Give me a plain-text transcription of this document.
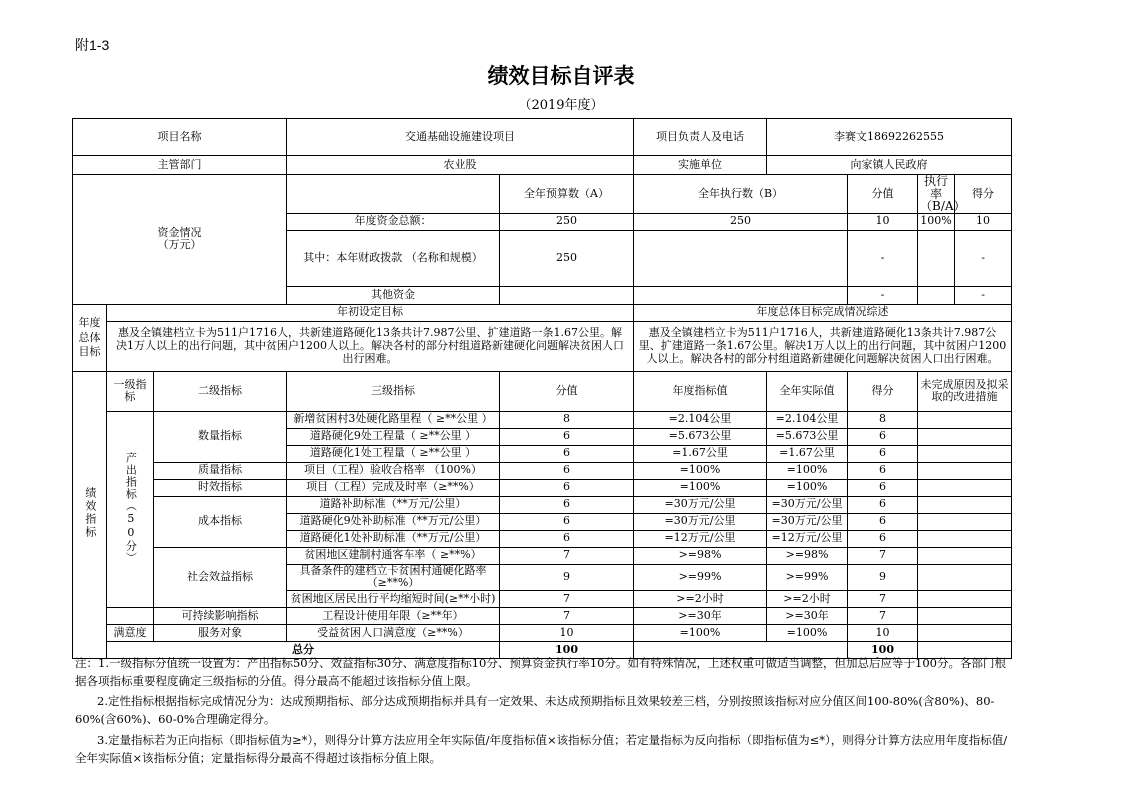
附1-3
绩效目标自评表
（2019年度）
项目名称			交通基础设施建设项目		项目负责人及电话	李赛文18692262555			
主管部门			农业股		实施单位	向家镇人民政府			
资金情况
（万元）				全年预算数（A）	全年执行数（B）		分值	执行率（B/A）	得分
			年度资金总额：	250	250		10	100%	10
			其中：本年财政拨款 （名称和规模）	250			-		-
			其他资金				-		-
年度总体目标	年初设定目标				年度总体目标完成情况综述				
	惠及全镇建档立卡为511户1716人，共新建道路硬化13条共计7.987公里、扩建道路一条1.67公里。解决1万人以上的出行问题，其中贫困户1200人以上。解决各村的部分村组道路新建硬化问题解决贫困人口出行困难。				惠及全镇建档立卡为511户1716人，共新建道路硬化13条共计7.987公里、扩建道路一条1.67公里。解决1万人以上的出行问题，其中贫困户1200人以上。解决各村的部分村组道路新建硬化问题解决贫困人口出行困难。				
绩效指标	一级指标	二级指标	三级指标	分值	年度指标值	全年实际值	得分	未完成原因及拟采取的改进措施	
	产出指标（50分）	数量指标	新增贫困村3处硬化路里程（ ≥**公里 ）	8	=2.104公里	=2.104公里	8		
			道路硬化9处工程量（ ≥**公里 ）	6	=5.673公里	=5.673公里	6		
			道路硬化1处工程量（ ≥**公里 ）	6	=1.67公里	=1.67公里	6		
		质量指标	项目（工程）验收合格率 （100%）	6	=100%	=100%	6		
		时效指标	项目（工程）完成及时率（≥**%）	6	=100%	=100%	6		
		成本指标	道路补助标准（**万元/公里）	6	=30万元/公里	=30万元/公里	6		
			道路硬化9处补助标准（**万元/公里）	6	=30万元/公里	=30万元/公里	6		
			道路硬化1处补助标准（**万元/公里）	6	=12万元/公里	=12万元/公里	6		
		社会效益指标	贫困地区建制村通客车率（ ≥**%）	7	>=98%	>=98%	7		
			具备条件的建档立卡贫困村通硬化路率（≥**%）	9	>=99%	>=99%	9		
			贫困地区居民出行平均缩短时间(≥**小时)	7	>=2小时	>=2小时	7		
		可持续影响指标	工程设计使用年限（≥**年）	7	>=30年	>=30年	7		
	满意度	服务对象	受益贫困人口满意度（≥**%）	10	=100%	=100%	10		
	总分			100			100		
注：1.一级指标分值统一设置为：产出指标50分、效益指标30分、满意度指标10分、预算资金执行率10分。如有特殊情况，上述权重可做适当调整，但加总后应等于100分。各部门根据各项指标重要程度确定三级指标的分值。得分最高不能超过该指标分值上限。
2.定性指标根据指标完成情况分为：达成预期指标、部分达成预期指标并具有一定效果、未达成预期指标且效果较差三档，分别按照该指标对应分值区间100-80%(含80%)、80-60%(含60%)、60-0%合理确定得分。
3.定量指标若为正向指标（即指标值为≥*），则得分计算方法应用全年实际值/年度指标值×该指标分值；若定量指标为反向指标（即指标值为≤*），则得分计算方法应用年度指标值/全年实际值×该指标分值；定量指标得分最高不得超过该指标分值上限。
